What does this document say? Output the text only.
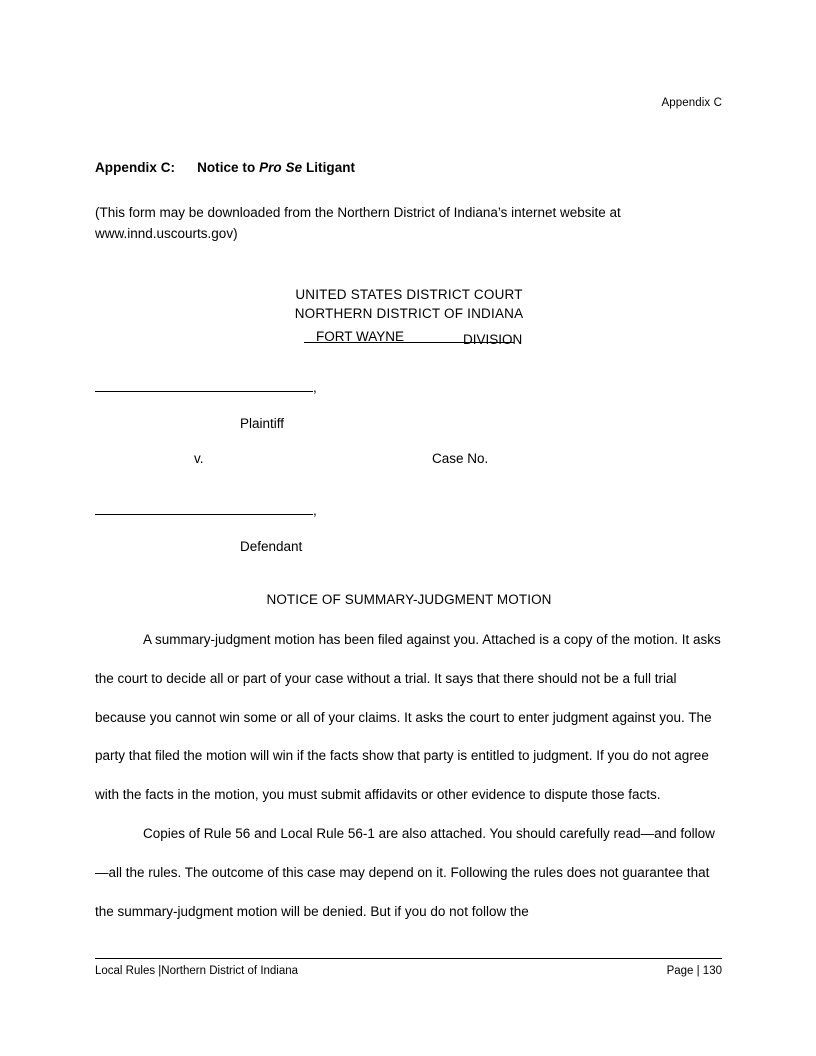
Appendix C
Appendix C: Notice to Pro Se Litigant
(This form may be downloaded from the Northern District of Indiana’s internet website at www.innd.uscourts.gov)
UNITED STATES DISTRICT COURT
NORTHERN DISTRICT OF INDIANA
FORT WAYNE	DIVISION
,
Plaintiff
v.	Case No.
,
Defendant
NOTICE OF SUMMARY-JUDGMENT MOTION
A summary-judgment motion has been filed against you. Attached is a copy of the motion. It asks the court to decide all or part of your case without a trial. It says that there should not be a full trial because you cannot win some or all of your claims. It asks the court to enter judgment against you. The party that filed the motion will win if the facts show that party is entitled to judgment. If you do not agree with the facts in the motion, you must submit affidavits or other evidence to dispute those facts.
Copies of Rule 56 and Local Rule 56-1 are also attached. You should carefully read—and follow—all the rules. The outcome of this case may depend on it. Following the rules does not guarantee that the summary-judgment motion will be denied. But if you do not follow the
Local Rules |Northern District of Indiana	Page | 130
